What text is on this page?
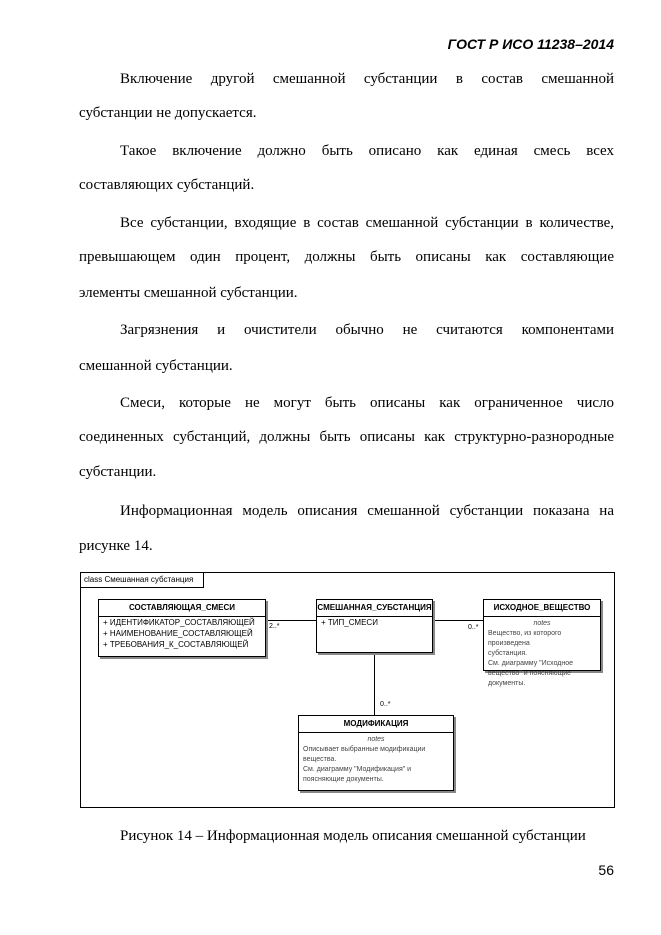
ГОСТ Р ИСО 11238–2014
Включение другой смешанной субстанции в состав смешанной
субстанции не допускается.
Такое включение должно быть описано как единая смесь всех
составляющих субстанций.
Все субстанции, входящие в состав смешанной субстанции в количестве,
превышающем один процент, должны быть описаны как составляющие
элементы смешанной субстанции.
Загрязнения и очистители обычно не считаются компонентами
смешанной субстанции.
Смеси, которые не могут быть описаны как ограниченное число
соединенных субстанций, должны быть описаны как структурно-разнородные
субстанции.
Информационная модель описания смешанной субстанции показана на
рисунке 14.
class Смешанная субстанция
2..*	0..*
0..*
СОСТАВЛЯЮЩАЯ_СМЕСИ
+ ИДЕНТИФИКАТОР_СОСТАВЛЯЮЩЕЙ
+ НАИМЕНОВАНИЕ_СОСТАВЛЯЮЩЕЙ
+ ТРЕБОВАНИЯ_К_СОСТАВЛЯЮЩЕЙ
СМЕШАННАЯ_СУБСТАНЦИЯ
+ ТИП_СМЕСИ
ИСХОДНОЕ_ВЕЩЕСТВО
notes
Вещество, из которого произведена
субстанция.
См. диаграмму "Исходное
вещество" и поясняющие документы.
МОДИФИКАЦИЯ
notes
Описывает выбранные модификации
вещества.
См. диаграмму "Модификация" и
поясняющие документы.
Рисунок 14 – Информационная модель описания смешанной субстанции
56
